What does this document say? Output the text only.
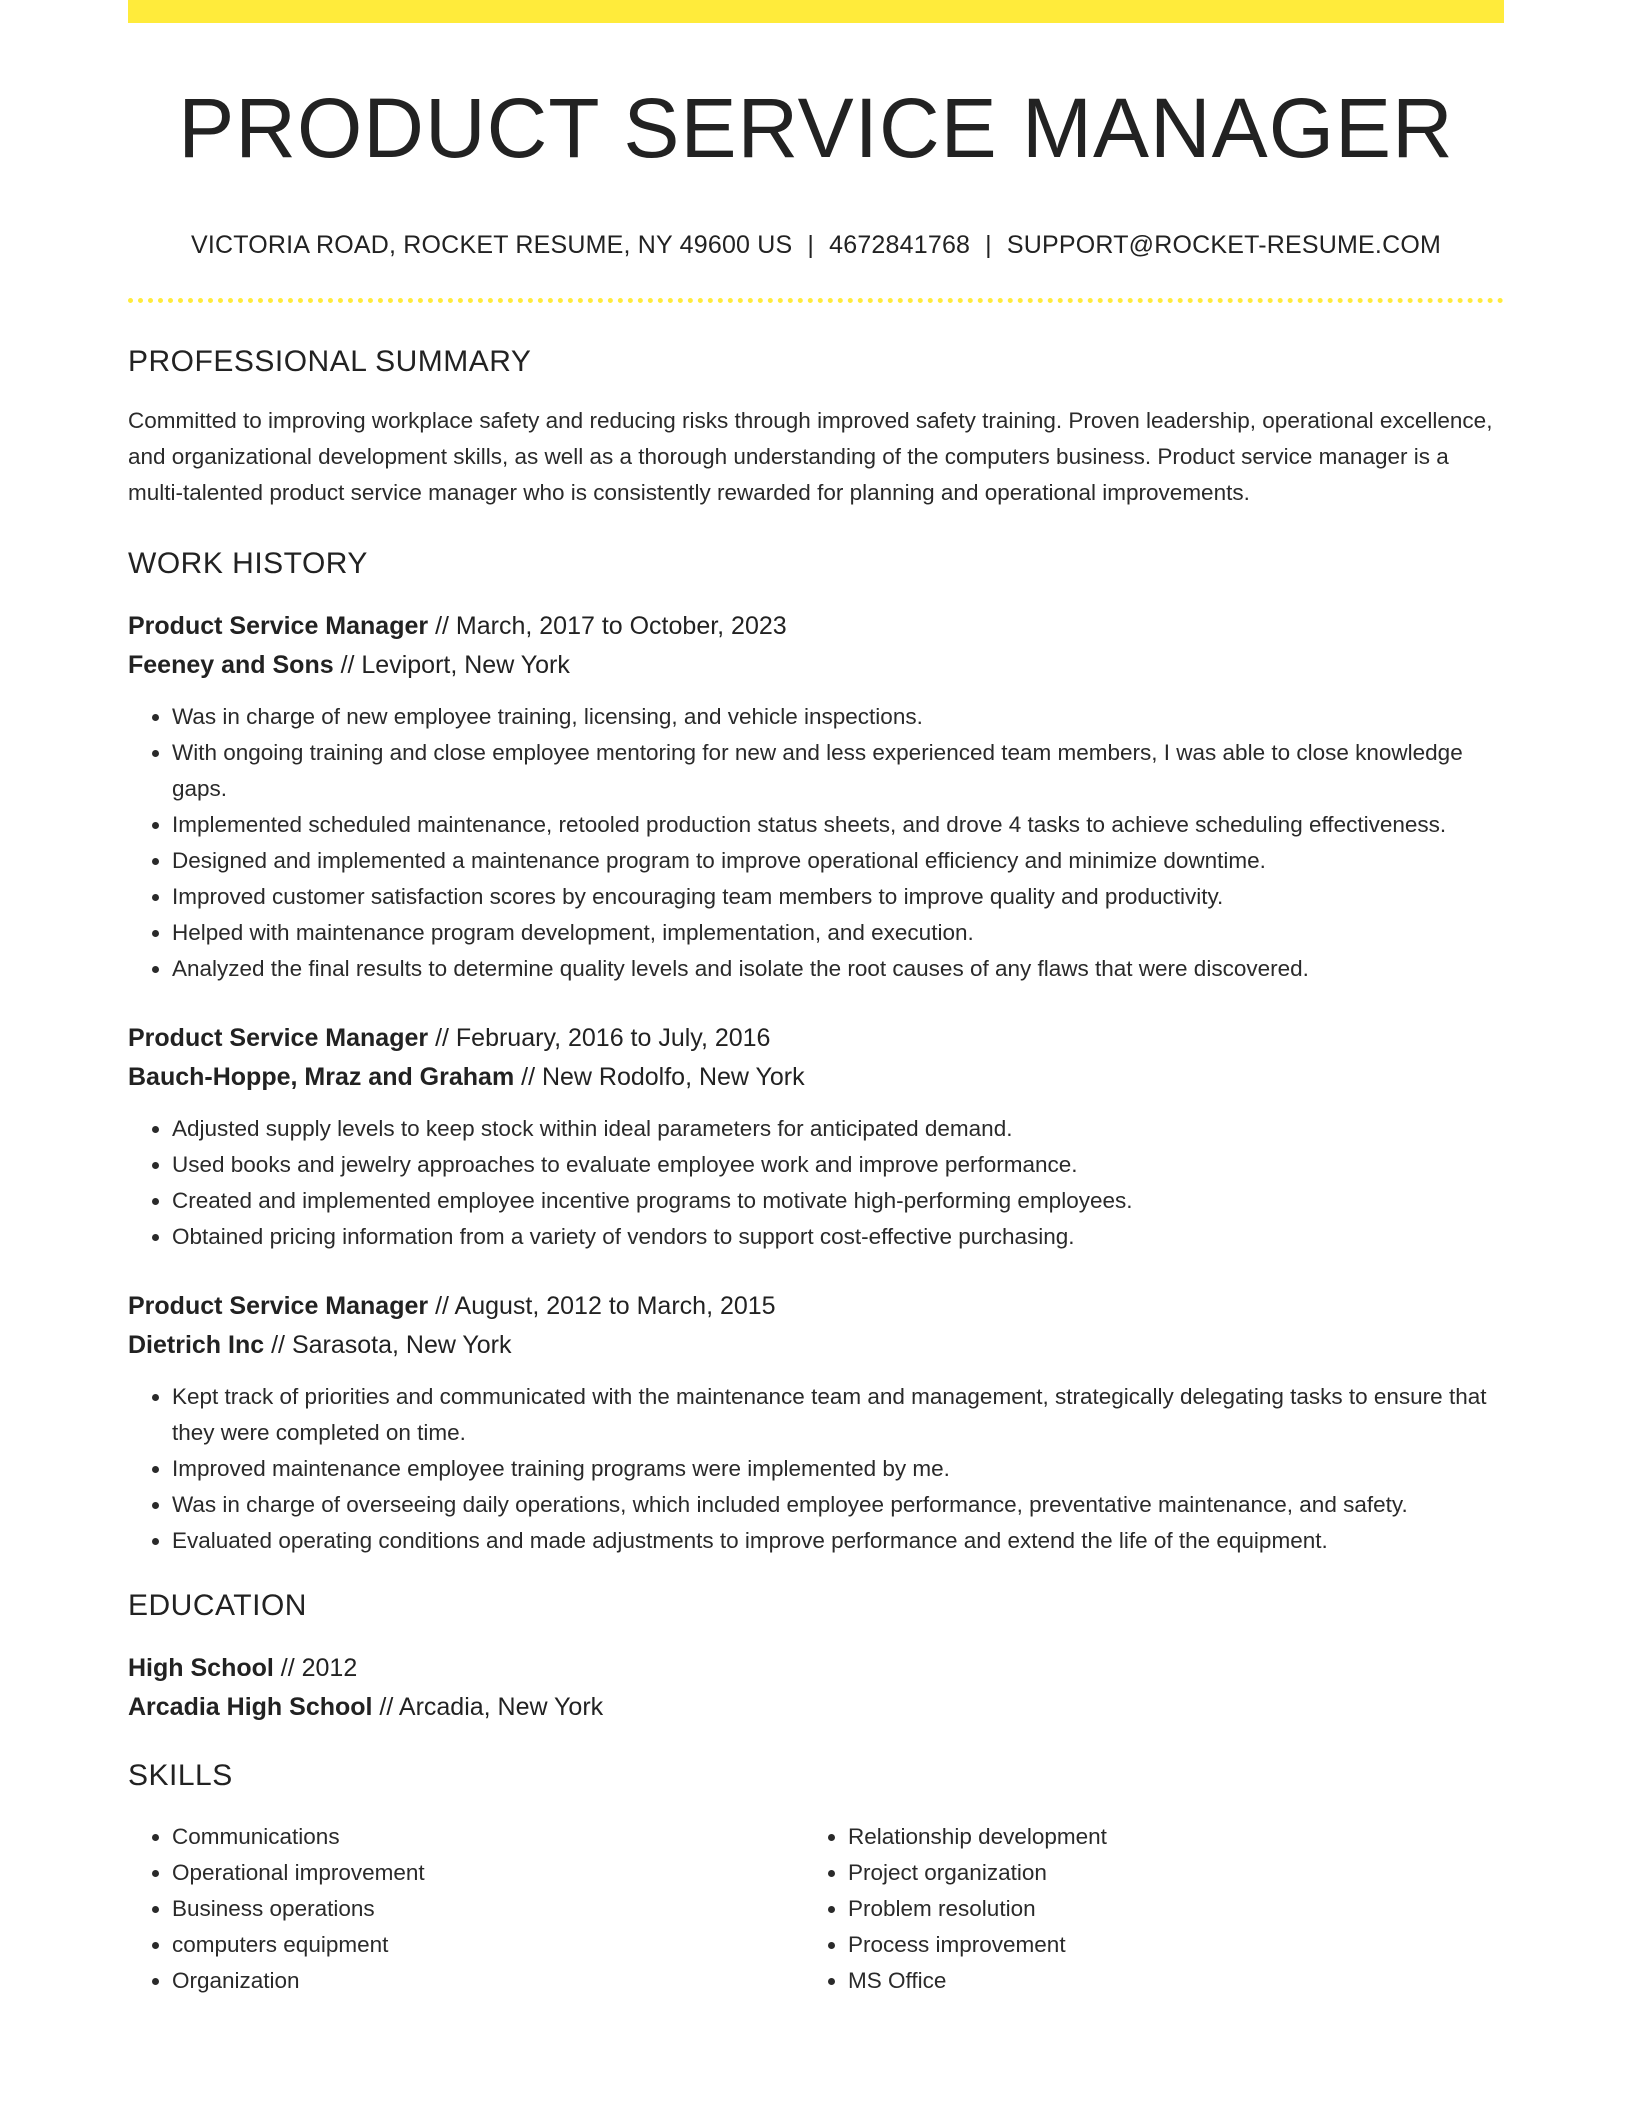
PRODUCT SERVICE MANAGER
VICTORIA ROAD, ROCKET RESUME, NY 49600 US | 4672841768 | SUPPORT@ROCKET-RESUME.COM
PROFESSIONAL SUMMARY

Committed to improving workplace safety and reducing risks through improved safety training. Proven leadership, operational excellence, and organizational development skills, as well as a thorough understanding of the computers business. Product service manager is a multi-talented product service manager who is consistently rewarded for planning and operational improvements.

WORK HISTORY
Product Service Manager // March, 2017 to October, 2023
Feeney and Sons // Leviport, New York
• Was in charge of new employee training, licensing, and vehicle inspections.
• With ongoing training and close employee mentoring for new and less experienced team members, I was able to close knowledge gaps.
• Implemented scheduled maintenance, retooled production status sheets, and drove 4 tasks to achieve scheduling effectiveness.
• Designed and implemented a maintenance program to improve operational efficiency and minimize downtime.
• Improved customer satisfaction scores by encouraging team members to improve quality and productivity.
• Helped with maintenance program development, implementation, and execution.
• Analyzed the final results to determine quality levels and isolate the root causes of any flaws that were discovered.
Product Service Manager // February, 2016 to July, 2016
Bauch-Hoppe, Mraz and Graham // New Rodolfo, New York
• Adjusted supply levels to keep stock within ideal parameters for anticipated demand.
• Used books and jewelry approaches to evaluate employee work and improve performance.
• Created and implemented employee incentive programs to motivate high-performing employees.
• Obtained pricing information from a variety of vendors to support cost-effective purchasing.
Product Service Manager // August, 2012 to March, 2015
Dietrich Inc // Sarasota, New York
• Kept track of priorities and communicated with the maintenance team and management, strategically delegating tasks to ensure that they were completed on time.
• Improved maintenance employee training programs were implemented by me.
• Was in charge of overseeing daily operations, which included employee performance, preventative maintenance, and safety.
• Evaluated operating conditions and made adjustments to improve performance and extend the life of the equipment.
EDUCATION
High School // 2012
Arcadia High School // Arcadia, New York
SKILLS
• Communications
• Operational improvement
• Business operations
• computers equipment
• Organization
• Relationship development
• Project organization
• Problem resolution
• Process improvement
• MS Office
